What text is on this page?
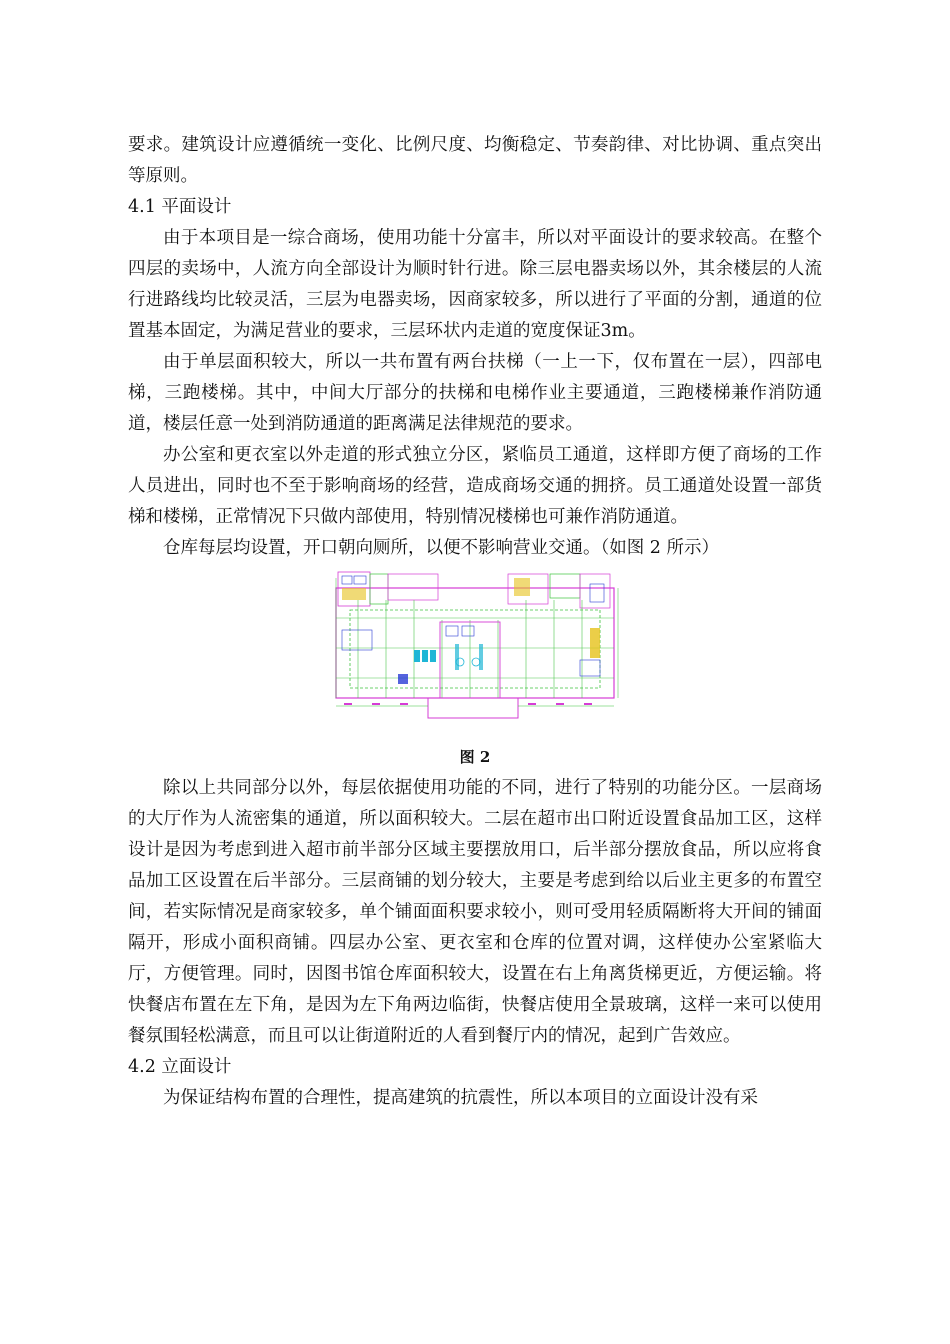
要求。建筑设计应遵循统一变化、比例尺度、均衡稳定、节奏韵律、对比协调、重点突出等原则。

4.1 平面设计

由于本项目是一综合商场，使用功能十分富丰，所以对平面设计的要求较高。在整个四层的卖场中，人流方向全部设计为顺时针行进。除三层电器卖场以外，其余楼层的人流行进路线均比较灵活，三层为电器卖场，因商家较多，所以进行了平面的分割，通道的位置基本固定，为满足营业的要求，三层环状内走道的宽度保证3m。

由于单层面积较大，所以一共布置有两台扶梯（一上一下，仅布置在一层），四部电梯，三跑楼梯。其中，中间大厅部分的扶梯和电梯作业主要通道，三跑楼梯兼作消防通道，楼层任意一处到消防通道的距离满足法律规范的要求。

办公室和更衣室以外走道的形式独立分区，紧临员工通道，这样即方便了商场的工作人员进出，同时也不至于影响商场的经营，造成商场交通的拥挤。员工通道处设置一部货梯和楼梯，正常情况下只做内部使用，特别情况楼梯也可兼作消防通道。

仓库每层均设置，开口朝向厕所，以便不影响营业交通。（如图 2 所示）

图 2

除以上共同部分以外，每层依据使用功能的不同，进行了特别的功能分区。一层商场的大厅作为人流密集的通道，所以面积较大。二层在超市出口附近设置食品加工区，这样设计是因为考虑到进入超市前半部分区域主要摆放用口，后半部分摆放食品，所以应将食品加工区设置在后半部分。三层商铺的划分较大，主要是考虑到给以后业主更多的布置空间，若实际情况是商家较多，单个铺面面积要求较小，则可受用轻质隔断将大开间的铺面隔开，形成小面积商铺。四层办公室、更衣室和仓库的位置对调，这样使办公室紧临大厅，方便管理。同时，因图书馆仓库面积较大，设置在右上角离货梯更近，方便运输。将快餐店布置在左下角，是因为左下角两边临街，快餐店使用全景玻璃，这样一来可以使用餐氛围轻松满意，而且可以让街道附近的人看到餐厅内的情况，起到广告效应。

4.2 立面设计

为保证结构布置的合理性，提高建筑的抗震性，所以本项目的立面设计没有采
